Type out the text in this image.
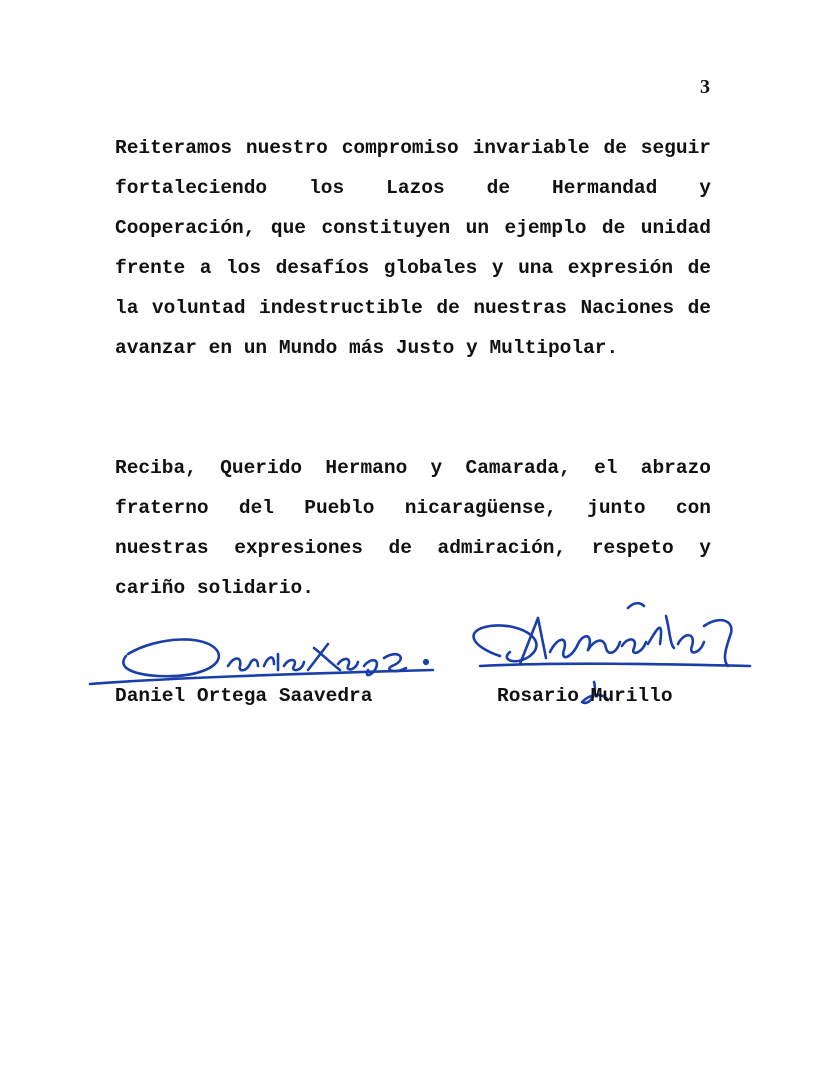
3

Reiteramos nuestro compromiso invariable de seguir fortaleciendo los Lazos de Hermandad y Cooperación, que constituyen un ejemplo de unidad frente a los desafíos globales y una expresión de la voluntad indestructible de nuestras Naciones de avanzar en un Mundo más Justo y Multipolar.

Reciba, Querido Hermano y Camarada, el abrazo fraterno del Pueblo nicaragüense, junto con nuestras expresiones de admiración, respeto y cariño solidario.

Daniel Ortega Saavedra	Rosario Murillo
